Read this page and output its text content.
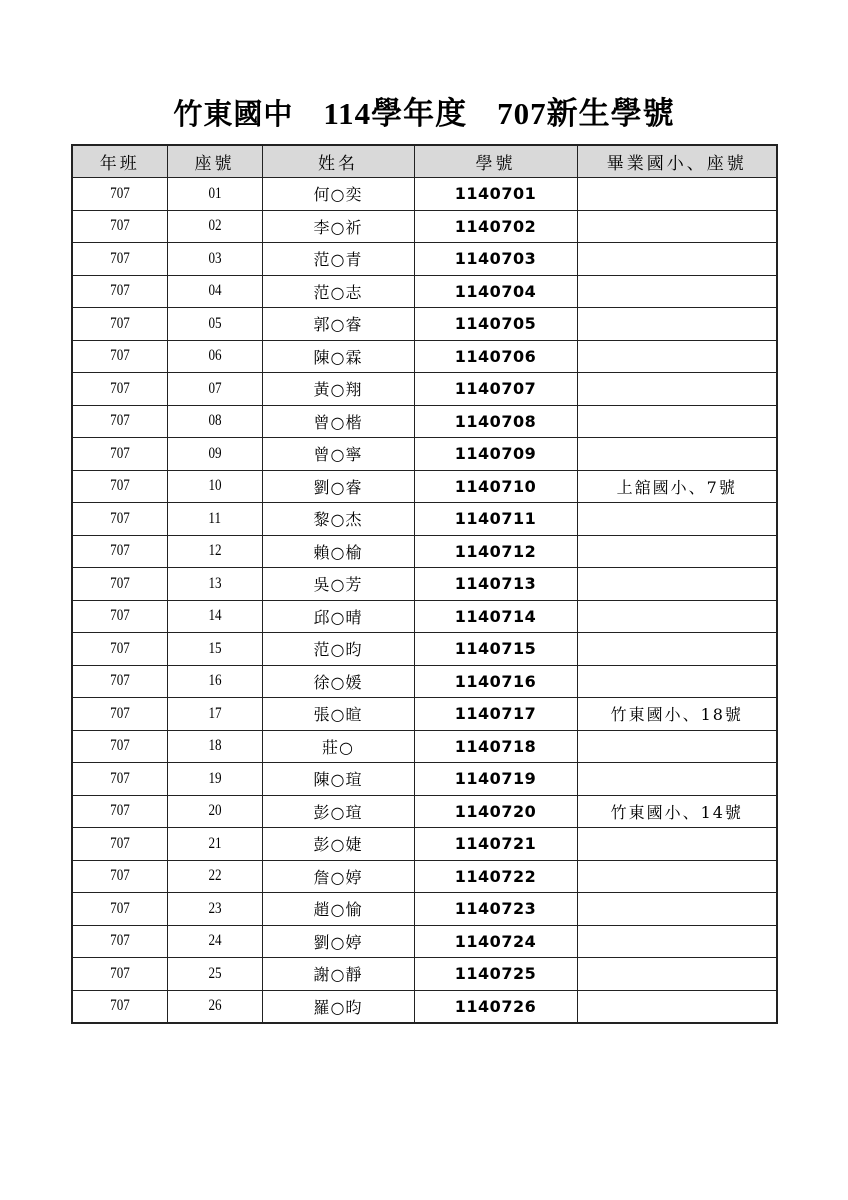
竹東國中 114學年度 707新生學號
年班	座號	姓名	學號	畢業國小、座號
707	01	何○奕	1140701	
707	02	李○祈	1140702	
707	03	范○青	1140703	
707	04	范○志	1140704	
707	05	郭○睿	1140705	
707	06	陳○霖	1140706	
707	07	黃○翔	1140707	
707	08	曾○楷	1140708	
707	09	曾○寧	1140709	
707	10	劉○睿	1140710	上舘國小、7號
707	11	黎○杰	1140711	
707	12	賴○榆	1140712	
707	13	吳○芳	1140713	
707	14	邱○晴	1140714	
707	15	范○昀	1140715	
707	16	徐○媛	1140716	
707	17	張○暄	1140717	竹東國小、18號
707	18	莊○	1140718	
707	19	陳○瑄	1140719	
707	20	彭○瑄	1140720	竹東國小、14號
707	21	彭○婕	1140721	
707	22	詹○婷	1140722	
707	23	趙○愉	1140723	
707	24	劉○婷	1140724	
707	25	謝○靜	1140725	
707	26	羅○昀	1140726	
